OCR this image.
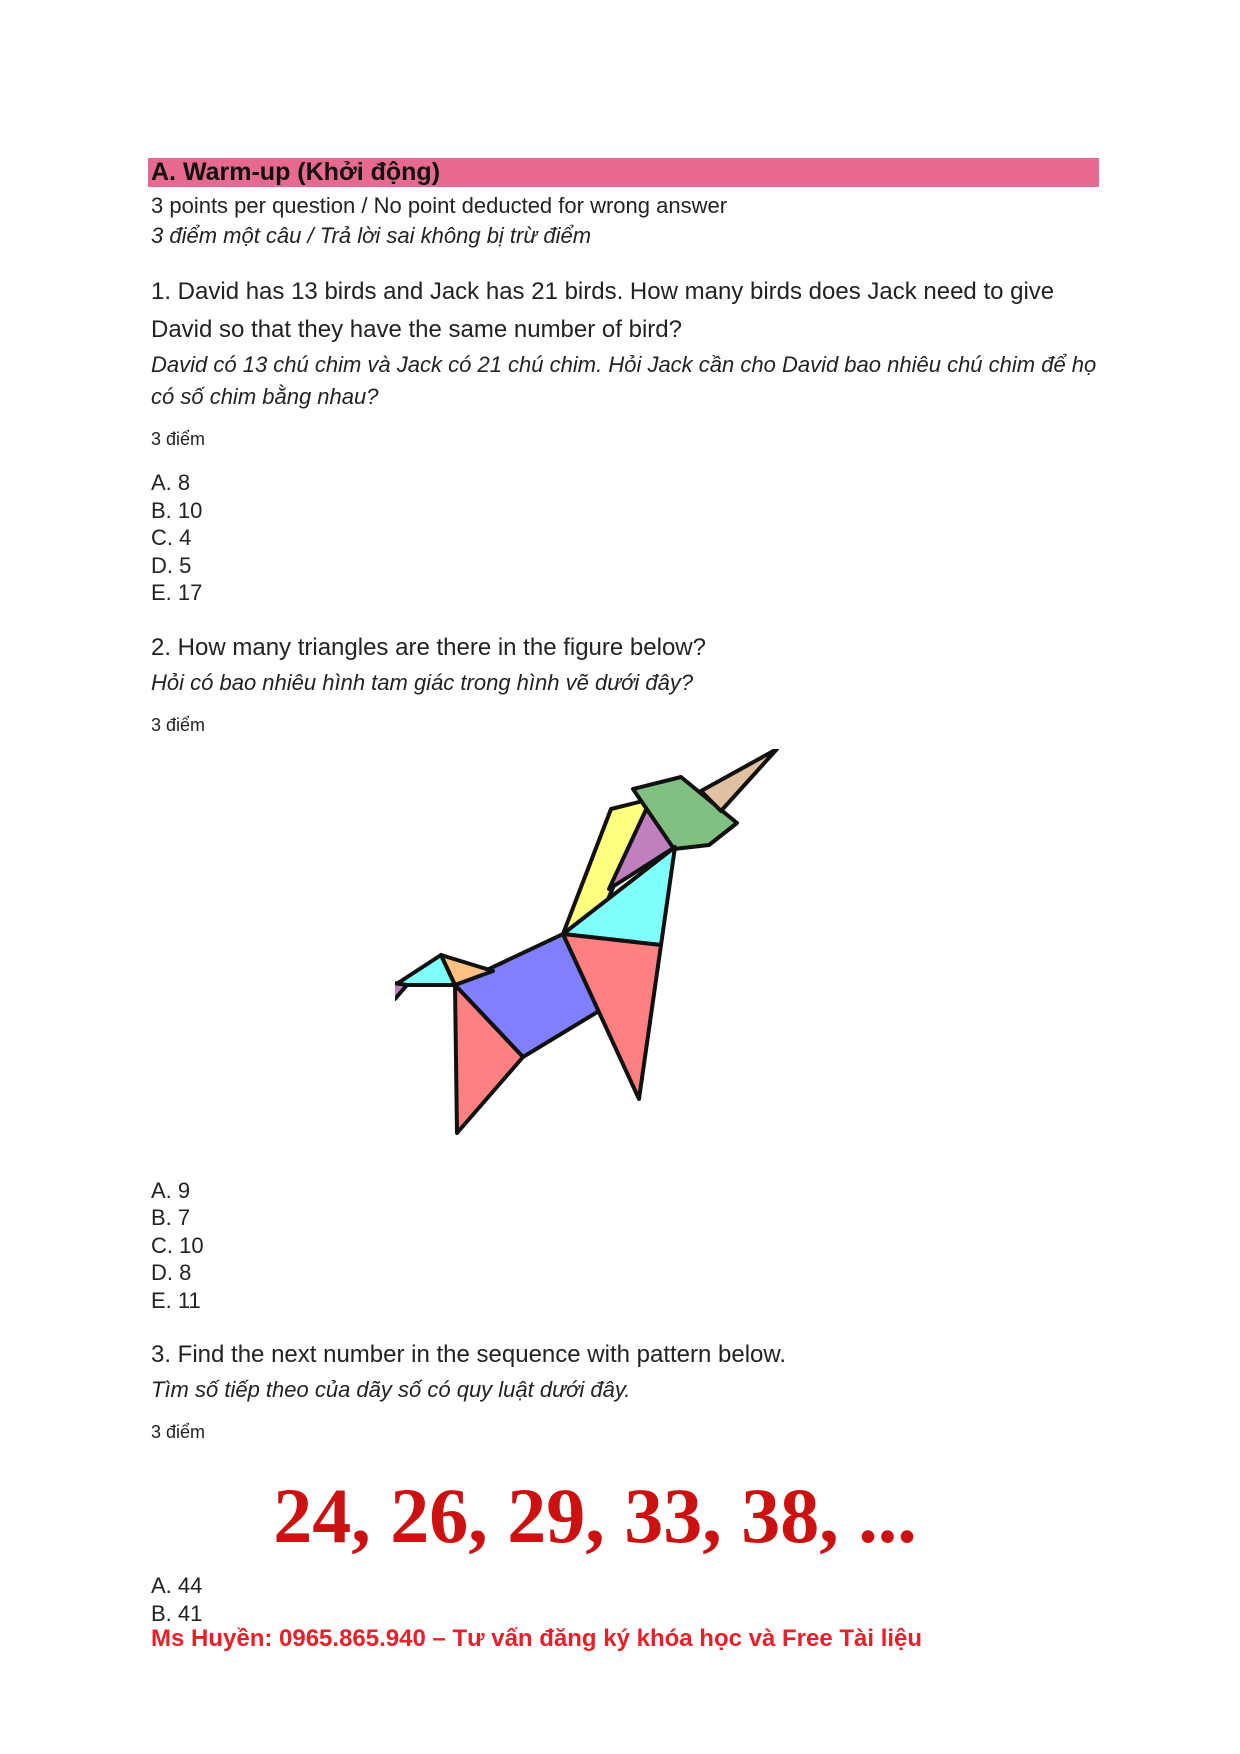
A. Warm-up (Khởi động)
3 points per question / No point deducted for wrong answer
3 điểm một câu / Trả lời sai không bị trừ điểm
1. David has 13 birds and Jack has 21 birds. How many birds does Jack need to give David so that they have the same number of bird?
David có 13 chú chim và Jack có 21 chú chim. Hỏi Jack cần cho David bao nhiêu chú chim để họ có số chim bằng nhau?
3 điểm
A. 8
B. 10
C. 4
D. 5
E. 17
2. How many triangles are there in the figure below?
Hỏi có bao nhiêu hình tam giác trong hình vẽ dưới đây?
3 điểm
A. 9
B. 7
C. 10
D. 8
E. 11
3. Find the next number in the sequence with pattern below.
Tìm số tiếp theo của dãy số có quy luật dưới đây.
3 điểm
24, 26, 29, 33, 38, ...
A. 44
B. 41
Ms Huyền: 0965.865.940 – Tư vấn đăng ký khóa học và Free Tài liệu
